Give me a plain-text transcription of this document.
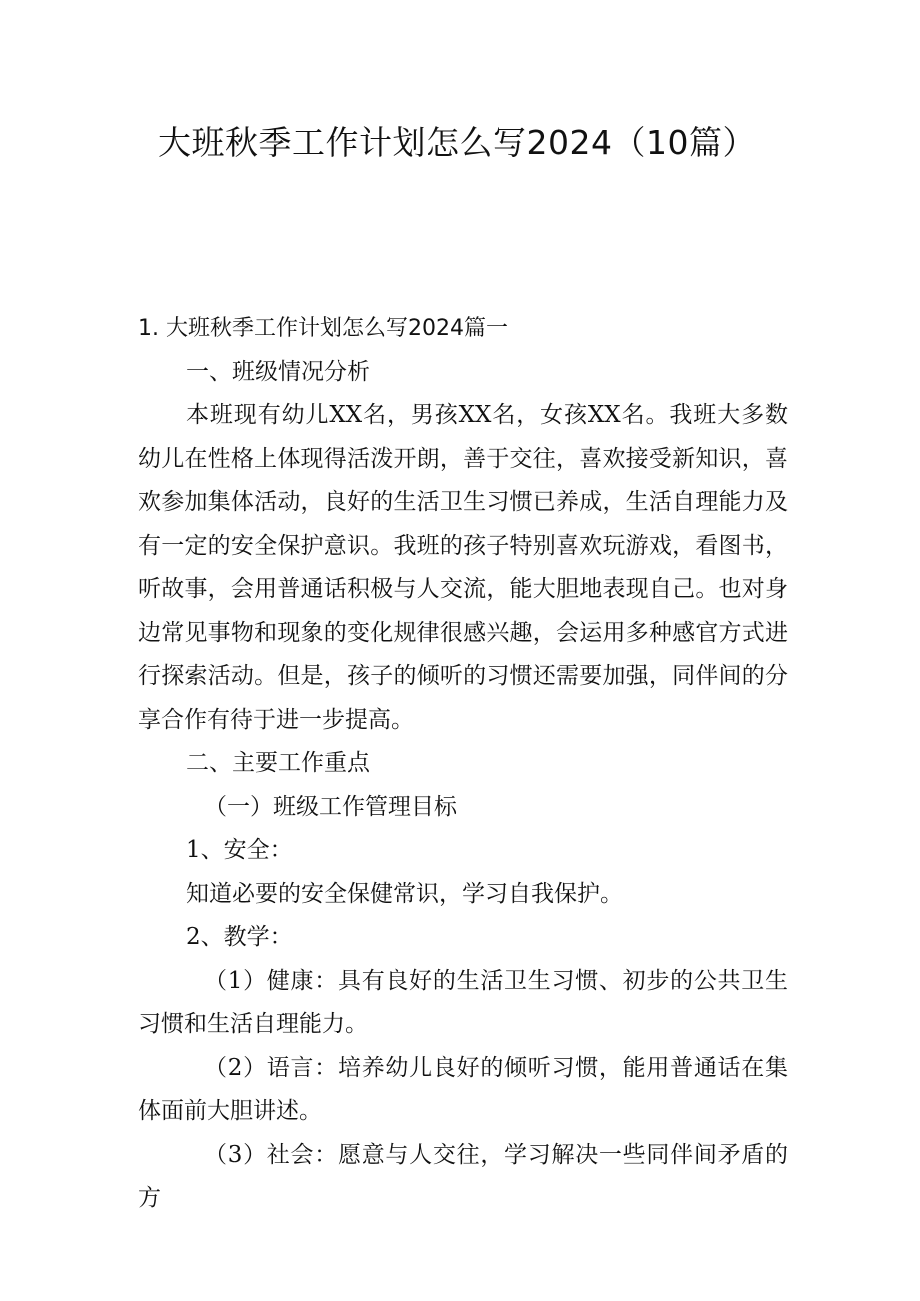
大班秋季工作计划怎么写2024（10篇）

1. 大班秋季工作计划怎么写2024篇一

一、班级情况分析

本班现有幼儿XX名，男孩XX名，女孩XX名。我班大多数幼儿在性格上体现得活泼开朗，善于交往，喜欢接受新知识，喜欢参加集体活动，良好的生活卫生习惯已养成，生活自理能力及有一定的安全保护意识。我班的孩子特别喜欢玩游戏，看图书，听故事，会用普通话积极与人交流，能大胆地表现自己。也对身边常见事物和现象的变化规律很感兴趣，会运用多种感官方式进行探索活动。但是，孩子的倾听的习惯还需要加强，同伴间的分享合作有待于进一步提高。

二、主要工作重点

（一）班级工作管理目标

1、安全：

知道必要的安全保健常识，学习自我保护。

2、教学：

（1）健康：具有良好的生活卫生习惯、初步的公共卫生习惯和生活自理能力。

（2）语言：培养幼儿良好的倾听习惯，能用普通话在集体面前大胆讲述。

（3）社会：愿意与人交往，学习解决一些同伴间矛盾的方
